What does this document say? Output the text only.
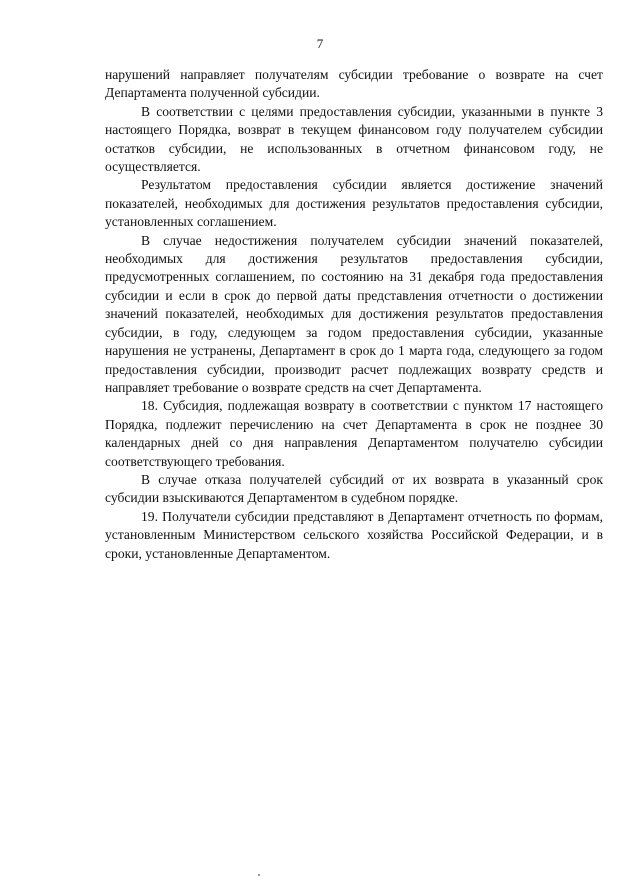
7

нарушений направляет получателям субсидии требование о возврате на счет Департамента полученной субсидии.

В соответствии с целями предоставления субсидии, указанными в пункте 3 настоящего Порядка, возврат в текущем финансовом году получателем субсидии остатков субсидии, не использованных в отчетном финансовом году, не осуществляется.

Результатом предоставления субсидии является достижение значений показателей, необходимых для достижения результатов предоставления субсидии, установленных соглашением.

В случае недостижения получателем субсидии значений показателей, необходимых для достижения результатов предоставления субсидии, предусмотренных соглашением, по состоянию на 31 декабря года предоставления субсидии и если в срок до первой даты представления отчетности о достижении значений показателей, необходимых для достижения результатов предоставления субсидии, в году, следующем за годом предоставления субсидии, указанные нарушения не устранены, Департамент в срок до 1 марта года, следующего за годом предоставления субсидии, производит расчет подлежащих возврату средств и направляет требование о возврате средств на счет Департамента.

18. Субсидия, подлежащая возврату в соответствии с пунктом 17 настоящего Порядка, подлежит перечислению на счет Департамента в срок не позднее 30 календарных дней со дня направления Департаментом получателю субсидии соответствующего требования.

В случае отказа получателей субсидий от их возврата в указанный срок субсидии взыскиваются Департаментом в судебном порядке.

19. Получатели субсидии представляют в Департамент отчетность по формам, установленным Министерством сельского хозяйства Российской Федерации, и в сроки, установленные Департаментом.
